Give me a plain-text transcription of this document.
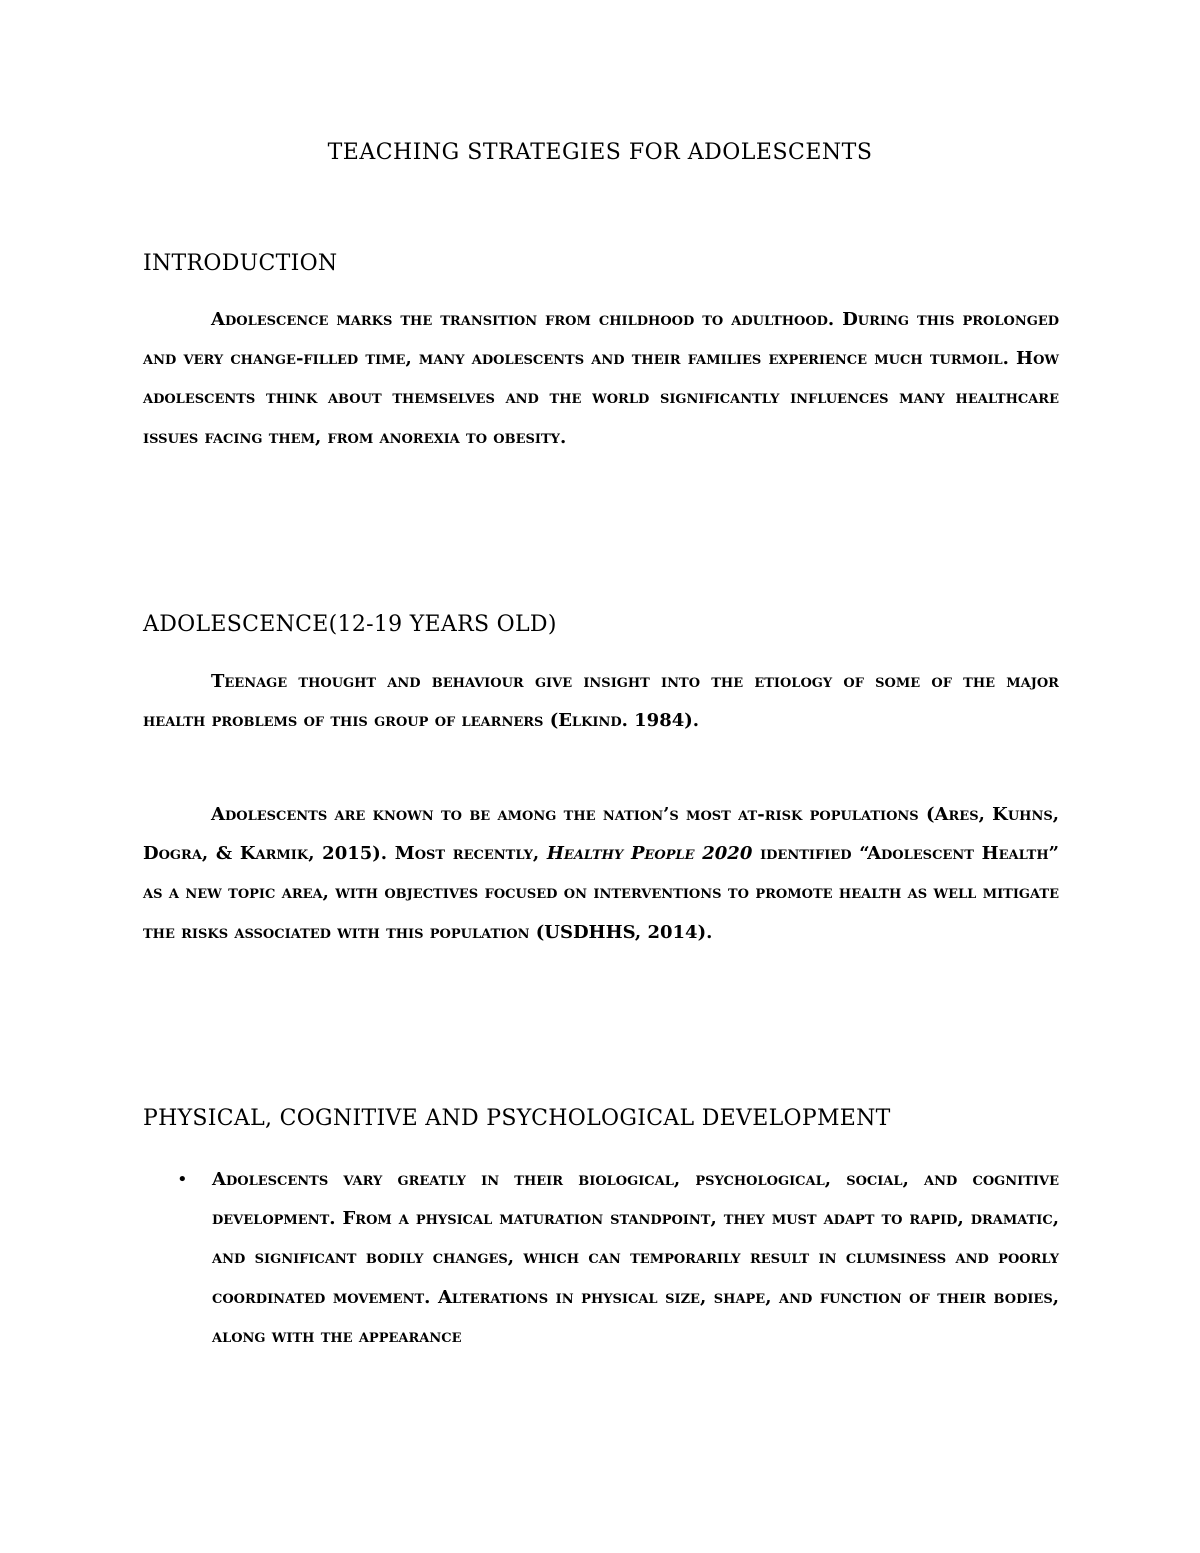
TEACHING STRATEGIES FOR ADOLESCENTS
INTRODUCTION

Adolescence marks the transition from childhood to adulthood. During this prolonged and very change-filled time, many adolescents and their families experience much turmoil. How adolescents think about themselves and the world significantly influences many healthcare issues facing them, from anorexia to obesity.

ADOLESCENCE(12-19 YEARS OLD)

Teenage thought and behaviour give insight into the etiology of some of the major health problems of this group of learners (Elkind. 1984).

Adolescents are known to be among the nation’s most at-risk populations (Ares, Kuhns, Dogra, & Karmik, 2015). Most recently, Healthy People 2020 identified “Adolescent Health” as a new topic area, with objectives focused on interventions to promote health as well mitigate the risks associated with this population (USDHHS, 2014).

PHYSICAL, COGNITIVE AND PSYCHOLOGICAL DEVELOPMENT
• Adolescents vary greatly in their biological, psychological, social, and cognitive development. From a physical maturation standpoint, they must adapt to rapid, dramatic, and significant bodily changes, which can temporarily result in clumsiness and poorly coordinated movement. Alterations in physical size, shape, and function of their bodies, along with the appearance
